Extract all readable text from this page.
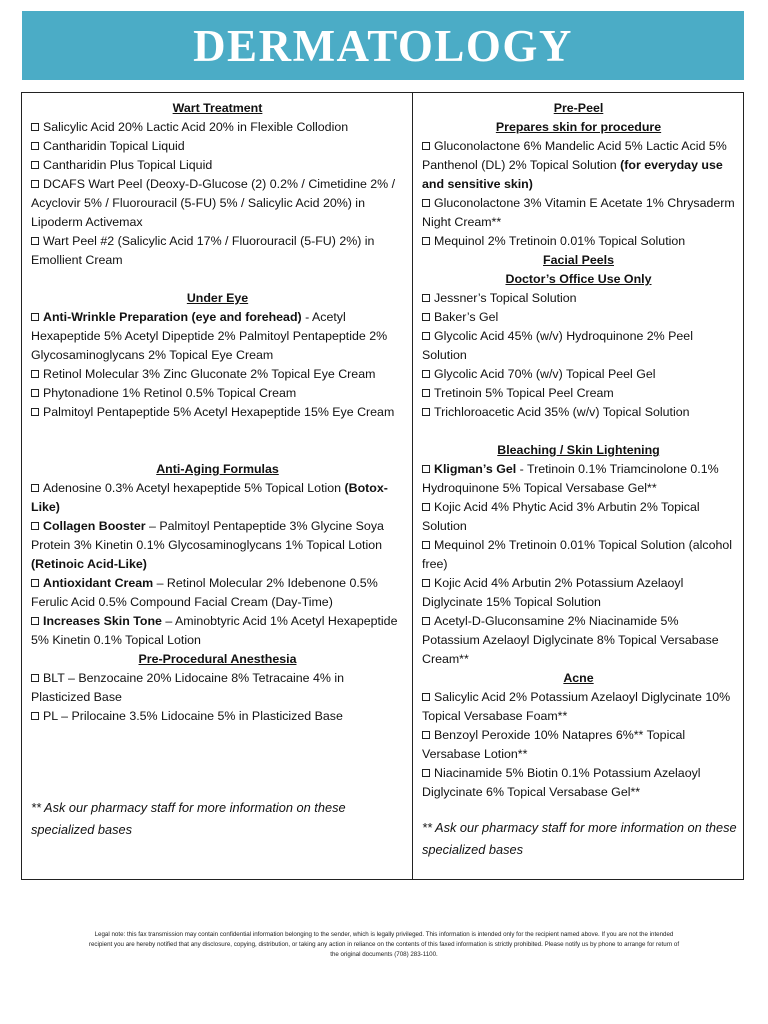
DERMATOLOGY
Wart Treatment
Salicylic Acid 20% Lactic Acid 20% in Flexible Collodion
Cantharidin Topical Liquid
Cantharidin Plus Topical Liquid
DCAFS Wart Peel (Deoxy-D-Glucose (2) 0.2% / Cimetidine 2% / Acyclovir 5% / Fluorouracil (5-FU) 5% / Salicylic Acid 20%) in Lipoderm Activemax
Wart Peel #2 (Salicylic Acid 17% / Fluorouracil (5-FU) 2%) in Emollient Cream
Under Eye
Anti-Wrinkle Preparation (eye and forehead) - Acetyl Hexapeptide 5% Acetyl Dipeptide 2% Palmitoyl Pentapeptide 2% Glycosaminoglycans 2% Topical Eye Cream
Retinol Molecular 3% Zinc Gluconate 2% Topical Eye Cream
Phytonadione 1% Retinol 0.5% Topical Cream
Palmitoyl Pentapeptide 5% Acetyl Hexapeptide 15% Eye Cream
Anti-Aging Formulas
Adenosine 0.3% Acetyl hexapeptide 5% Topical Lotion (Botox-Like)
Collagen Booster – Palmitoyl Pentapeptide 3% Glycine Soya Protein 3% Kinetin 0.1% Glycosaminoglycans 1% Topical Lotion (Retinoic Acid-Like)
Antioxidant Cream – Retinol Molecular 2% Idebenone 0.5% Ferulic Acid 0.5% Compound Facial Cream (Day-Time)
Increases Skin Tone – Aminobtyric Acid 1% Acetyl Hexapeptide 5% Kinetin 0.1% Topical Lotion
Pre-Procedural Anesthesia
BLT – Benzocaine 20% Lidocaine 8% Tetracaine 4% in Plasticized Base
PL – Prilocaine 3.5% Lidocaine 5% in Plasticized Base
** Ask our pharmacy staff for more information on these specialized bases
Pre-Peel
Prepares skin for procedure
Gluconolactone 6% Mandelic Acid 5% Lactic Acid 5% Panthenol (DL) 2% Topical Solution (for everyday use and sensitive skin)
Gluconolactone 3% Vitamin E Acetate 1% Chrysaderm Night Cream**
Mequinol 2% Tretinoin 0.01% Topical Solution
Facial Peels
Doctor’s Office Use Only
Jessner’s Topical Solution
Baker’s Gel
Glycolic Acid 45% (w/v) Hydroquinone 2% Peel Solution
Glycolic Acid 70% (w/v) Topical Peel Gel
Tretinoin 5% Topical Peel Cream
Trichloroacetic Acid 35% (w/v) Topical Solution
Bleaching / Skin Lightening
Kligman’s Gel - Tretinoin 0.1% Triamcinolone 0.1% Hydroquinone 5% Topical Versabase Gel**
Kojic Acid 4% Phytic Acid 3% Arbutin 2% Topical Solution
Mequinol 2% Tretinoin 0.01% Topical Solution (alcohol free)
Kojic Acid 4% Arbutin 2% Potassium Azelaoyl Diglycinate 15% Topical Solution
Acetyl-D-Gluconsamine 2% Niacinamide 5% Potassium Azelaoyl Diglycinate 8% Topical Versabase Cream**
Acne
Salicylic Acid 2% Potassium Azelaoyl Diglycinate 10% Topical Versabase Foam**
Benzoyl Peroxide 10% Natapres 6%** Topical Versabase Lotion**
Niacinamide 5% Biotin 0.1% Potassium Azelaoyl Diglycinate 6% Topical Versabase Gel**
** Ask our pharmacy staff for more information on these specialized bases
Legal note: this fax transmission may contain confidential information belonging to the sender, which is legally privileged. This information is intended only for the recipient named above. If you are not the intended recipient you are hereby notified that any disclosure, copying, distribution, or taking any action in reliance on the contents of this faxed information is strictly prohibited. Please notify us by phone to arrange for return of the original documents (708) 283-1100.
